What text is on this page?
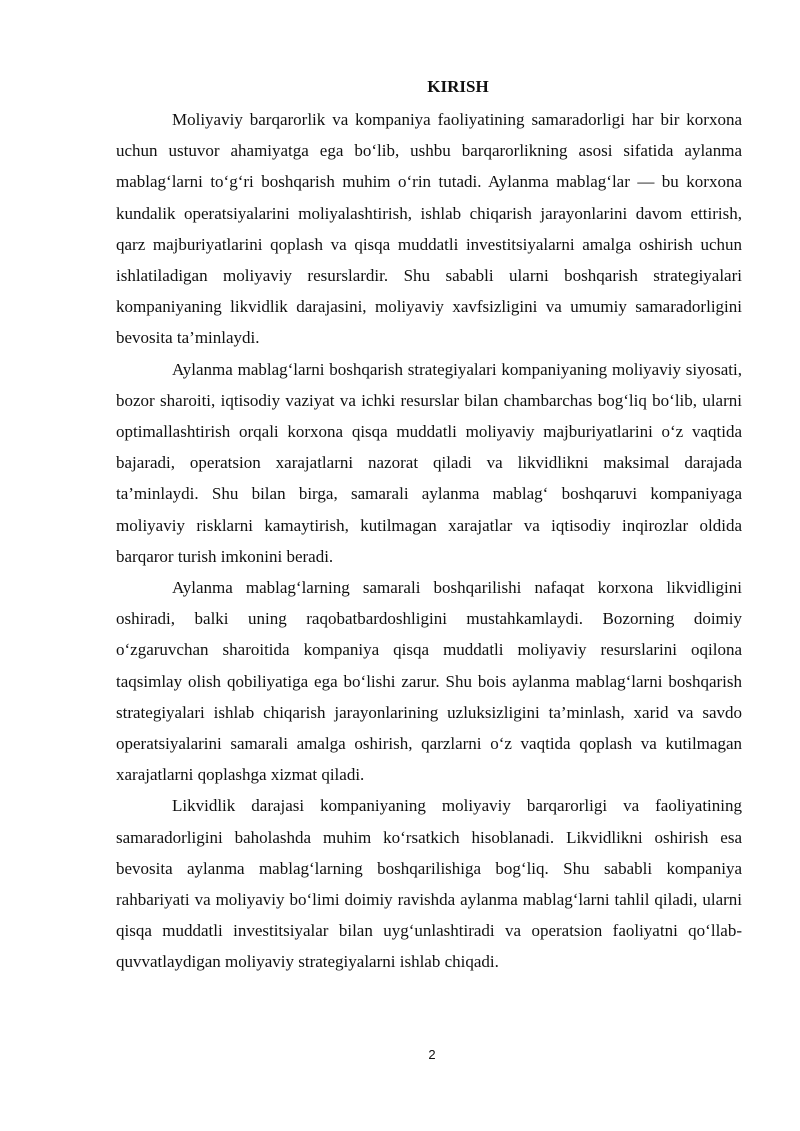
KIRISH

Moliyaviy barqarorlik va kompaniya faoliyatining samaradorligi har bir korxona uchun ustuvor ahamiyatga ega bo‘lib, ushbu barqarorlikning asosi sifatida aylanma mablag‘larni to‘g‘ri boshqarish muhim o‘rin tutadi. Aylanma mablag‘lar — bu korxona kundalik operatsiyalarini moliyalashtirish, ishlab chiqarish jarayonlarini davom ettirish, qarz majburiyatlarini qoplash va qisqa muddatli investitsiyalarni amalga oshirish uchun ishlatiladigan moliyaviy resurslardir. Shu sababli ularni boshqarish strategiyalari kompaniyaning likvidlik darajasini, moliyaviy xavfsizligini va umumiy samaradorligini bevosita ta’minlaydi.

Aylanma mablag‘larni boshqarish strategiyalari kompaniyaning moliyaviy siyosati, bozor sharoiti, iqtisodiy vaziyat va ichki resurslar bilan chambarchas bog‘liq bo‘lib, ularni optimallashtirish orqali korxona qisqa muddatli moliyaviy majburiyatlarini o‘z vaqtida bajaradi, operatsion xarajatlarni nazorat qiladi va likvidlikni maksimal darajada ta’minlaydi. Shu bilan birga, samarali aylanma mablag‘ boshqaruvi kompaniyaga moliyaviy risklarni kamaytirish, kutilmagan xarajatlar va iqtisodiy inqirozlar oldida barqaror turish imkonini beradi.

Aylanma mablag‘larning samarali boshqarilishi nafaqat korxona likvidligini oshiradi, balki uning raqobatbardoshligini mustahkamlaydi. Bozorning doimiy o‘zgaruvchan sharoitida kompaniya qisqa muddatli moliyaviy resurslarini oqilona taqsimlay olish qobiliyatiga ega bo‘lishi zarur. Shu bois aylanma mablag‘larni boshqarish strategiyalari ishlab chiqarish jarayonlarining uzluksizligini ta’minlash, xarid va savdo operatsiyalarini samarali amalga oshirish, qarzlarni o‘z vaqtida qoplash va kutilmagan xarajatlarni qoplashga xizmat qiladi.

Likvidlik darajasi kompaniyaning moliyaviy barqarorligi va faoliyatining samaradorligini baholashda muhim ko‘rsatkich hisoblanadi. Likvidlikni oshirish esa bevosita aylanma mablag‘larning boshqarilishiga bog‘liq. Shu sababli kompaniya rahbariyati va moliyaviy bo‘limi doimiy ravishda aylanma mablag‘larni tahlil qiladi, ularni qisqa muddatli investitsiyalar bilan uyg‘unlashtiradi va operatsion faoliyatni qo‘llab-quvvatlaydigan moliyaviy strategiyalarni ishlab chiqadi.

2
